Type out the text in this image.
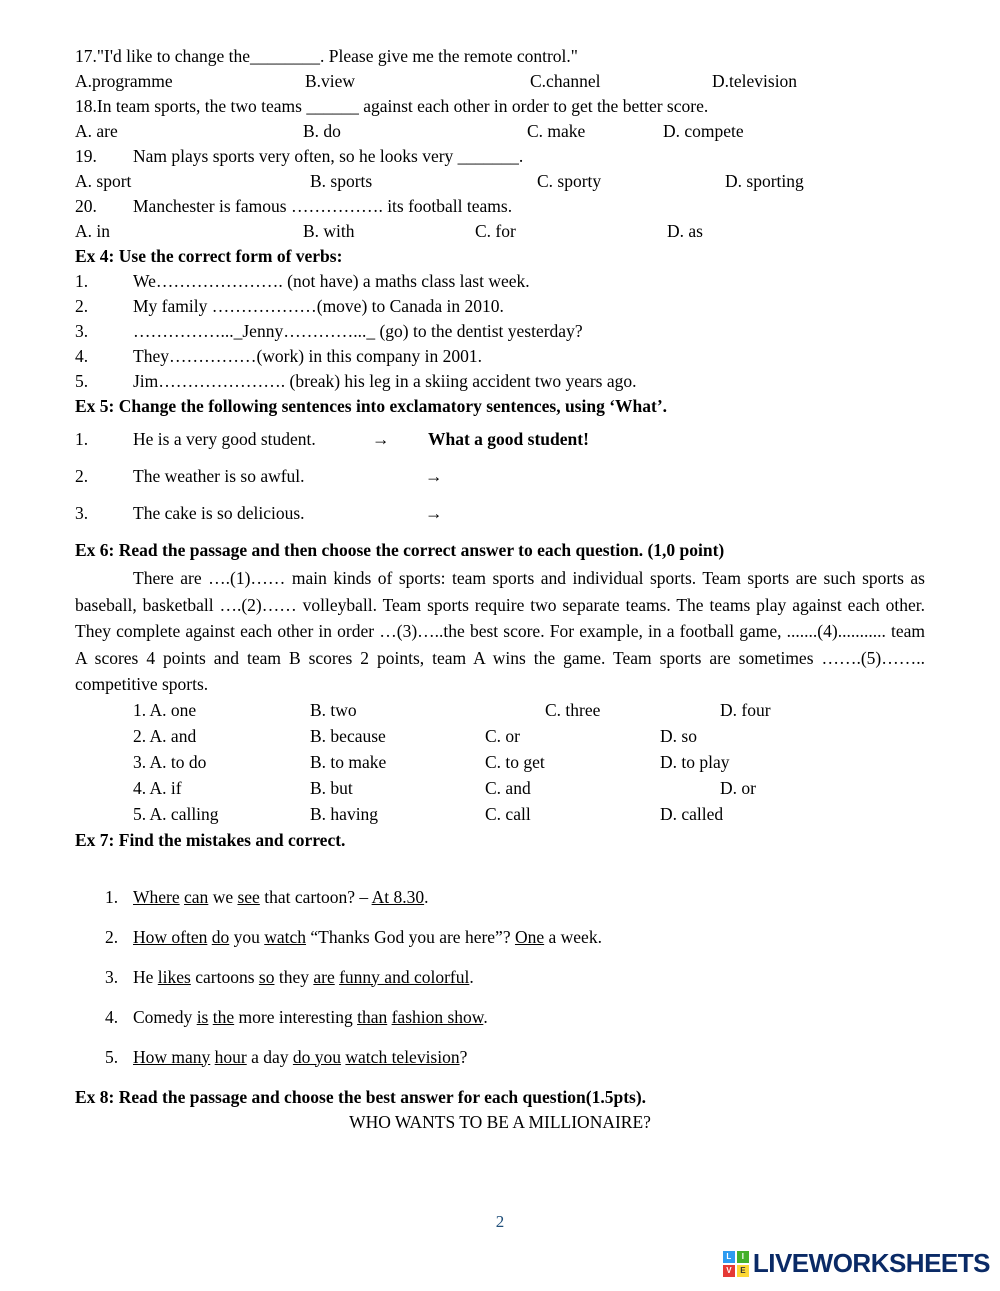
17."I'd like to change the________. Please give me the remote control."
A.programme	B.view	C.channel	D.television
18.In team sports, the two teams ______ against each other in order to get the better score.
A. are	B. do	C. make	D. compete
19. Nam plays sports very often, so he looks very _______.
A. sport	B. sports	C. sporty	D. sporting
20. Manchester is famous ……………. its football teams.
A. in	B. with	C. for	D. as
Ex 4: Use the correct form of verbs:
1.	We…………………. (not have) a maths class last week.
2.	My family ………………(move) to Canada in 2010.
3.	……………..._Jenny…………..._ (go) to the dentist yesterday?
4.	They……………(work) in this company in 2001.
5.	Jim…………………. (break) his leg in a skiing accident two years ago.
Ex 5: Change the following sentences into exclamatory sentences, using ‘What’.
1.	He is a very good student.	→ What a good student!
2.	The weather is so awful.	→
3.	The cake is so delicious.	→
Ex 6: Read the passage and then choose the correct answer to each question. (1,0 point)
There are ….(1)…… main kinds of sports: team sports and individual sports. Team sports are such sports as baseball, basketball ….(2)…… volleyball. Team sports require two separate teams. The teams play against each other. They complete against each other in order …(3)…..the best score. For example, in a football game, .......(4)........... team A scores 4 points and team B scores 2 points, team A wins the game. Team sports are sometimes …….(5)…….. competitive sports.
1. A. one	B. two	C. three	D. four
2. A. and	B. because	C. or	D. so
3. A. to do	B. to make	C. to get	D. to play
4. A. if	B. but	C. and	D. or
5. A. calling	B. having	C. call	D. called
Ex 7: Find the mistakes and correct.
1. Where can we see that cartoon? – At 8.30.
2. How often do you watch “Thanks God you are here”? One a week.
3. He likes cartoons so they are funny and colorful.
4. Comedy is the more interesting than fashion show.
5. How many hour a day do you watch television?
Ex 8: Read the passage and choose the best answer for each question(1.5pts).
WHO WANTS TO BE A MILLIONAIRE?
2
L	I
V	E LIVEWORKSHEETS
